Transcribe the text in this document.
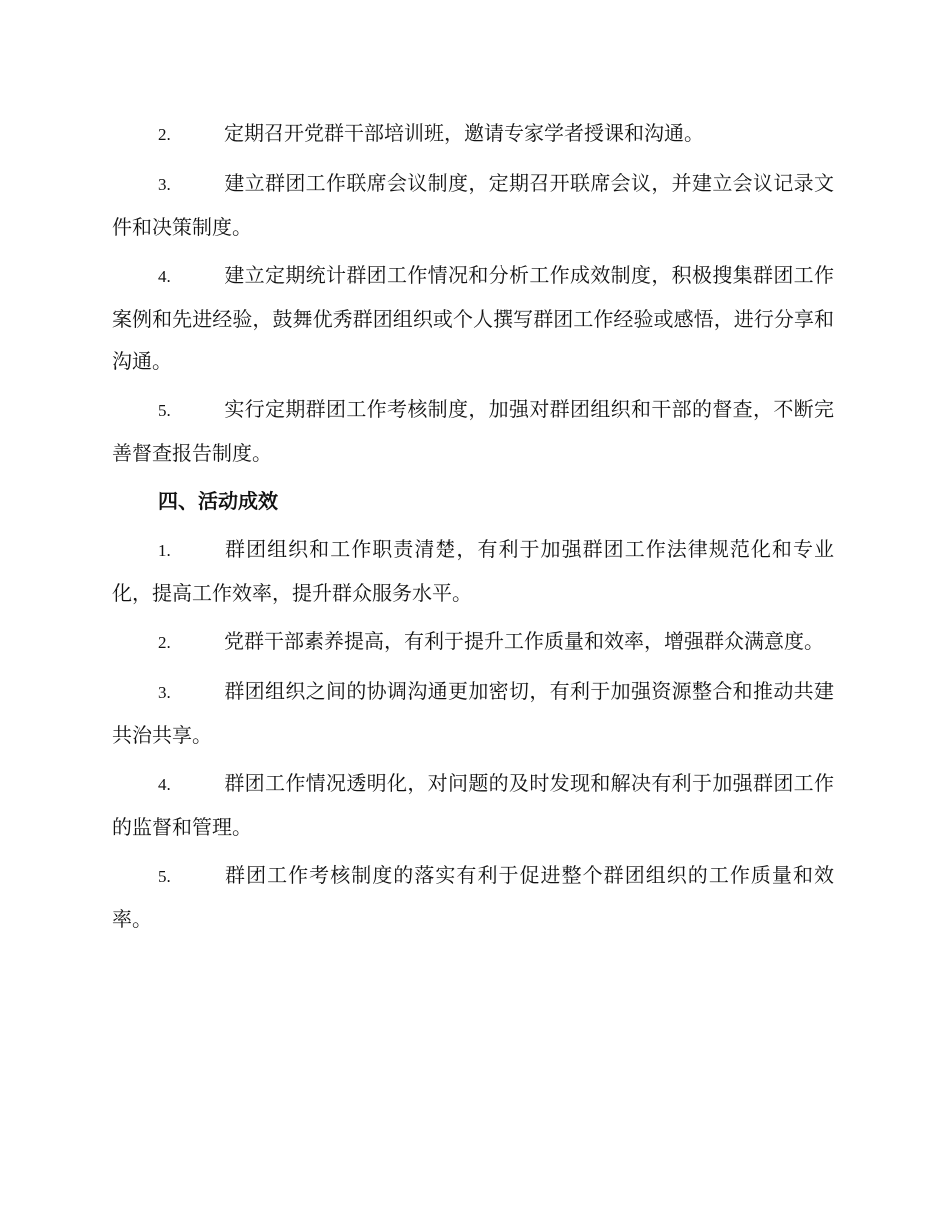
2.	定期召开党群干部培训班，邀请专家学者授课和沟通。

3.	建立群团工作联席会议制度，定期召开联席会议，并建立会议记录文件和决策制度。

4.	建立定期统计群团工作情况和分析工作成效制度，积极搜集群团工作案例和先进经验，鼓舞优秀群团组织或个人撰写群团工作经验或感悟，进行分享和沟通。

5.	实行定期群团工作考核制度，加强对群团组织和干部的督查，不断完善督查报告制度。

四、活动成效

1.	群团组织和工作职责清楚，有利于加强群团工作法律规范化和专业化，提高工作效率，提升群众服务水平。

2.	党群干部素养提高，有利于提升工作质量和效率，增强群众满意度。

3.	群团组织之间的协调沟通更加密切，有利于加强资源整合和推动共建共治共享。

4.	群团工作情况透明化，对问题的及时发现和解决有利于加强群团工作的监督和管理。

5.	群团工作考核制度的落实有利于促进整个群团组织的工作质量和效率。
